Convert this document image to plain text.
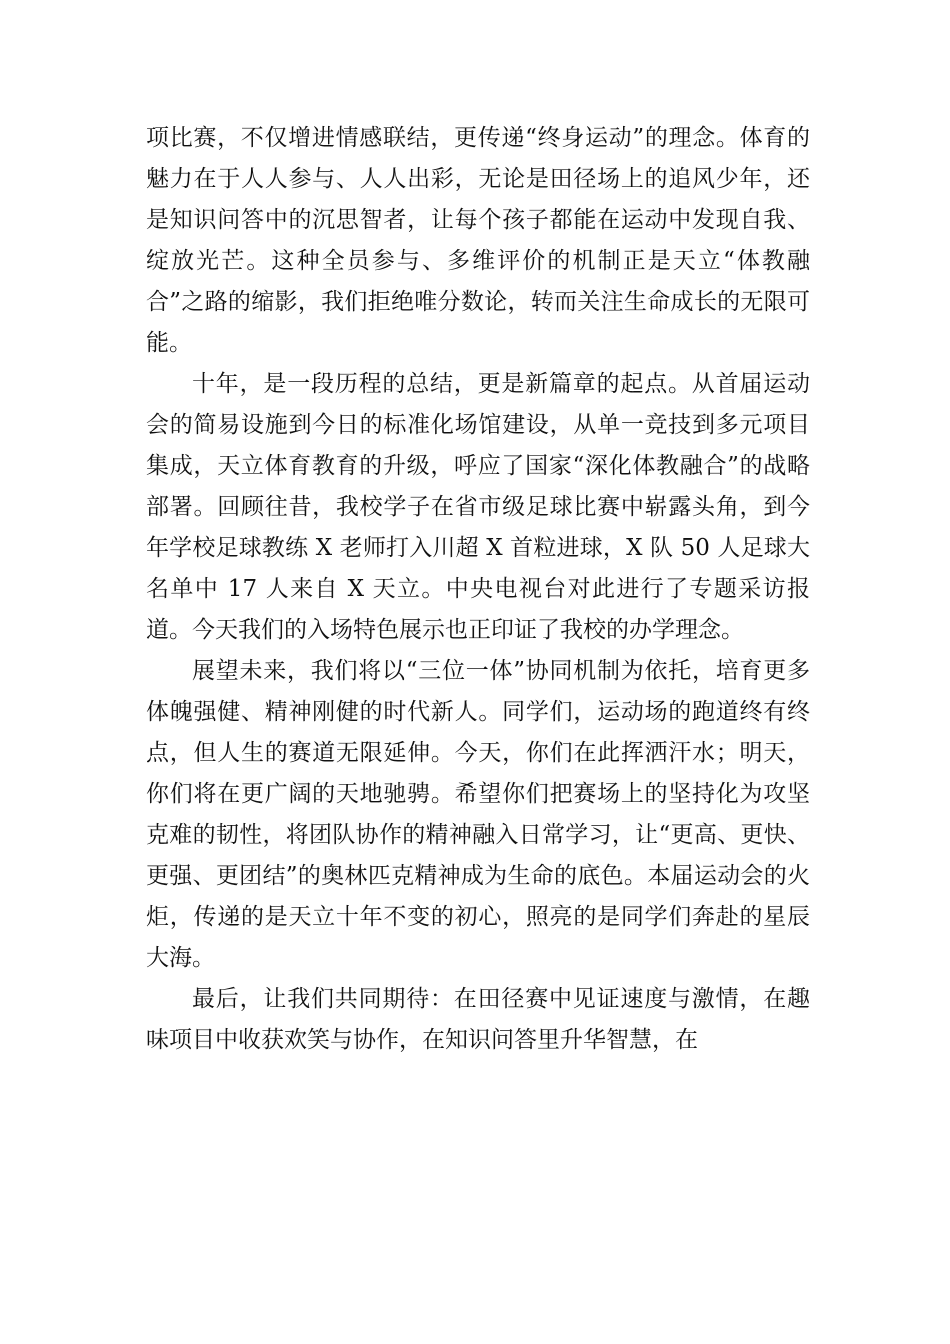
项比赛，不仅增进情感联结，更传递“终身运动”的理念。体育的魅力在于人人参与、人人出彩，无论是田径场上的追风少年，还是知识问答中的沉思智者，让每个孩子都能在运动中发现自我、绽放光芒。这种全员参与、多维评价的机制正是天立“体教融合”之路的缩影，我们拒绝唯分数论，转而关注生命成长的无限可能。

十年，是一段历程的总结，更是新篇章的起点。从首届运动会的简易设施到今日的标准化场馆建设，从单一竞技到多元项目集成，天立体育教育的升级，呼应了国家“深化体教融合”的战略部署。回顾往昔，我校学子在省市级足球比赛中崭露头角，到今年学校足球教练 X 老师打入川超 X 首粒进球，X 队 50 人足球大名单中 17 人来自 X 天立。中央电视台对此进行了专题采访报道。今天我们的入场特色展示也正印证了我校的办学理念。

展望未来，我们将以“三位一体”协同机制为依托，培育更多体魄强健、精神刚健的时代新人。同学们，运动场的跑道终有终点，但人生的赛道无限延伸。今天，你们在此挥洒汗水；明天，你们将在更广阔的天地驰骋。希望你们把赛场上的坚持化为攻坚克难的韧性，将团队协作的精神融入日常学习，让“更高、更快、更强、更团结”的奥林匹克精神成为生命的底色。本届运动会的火炬，传递的是天立十年不变的初心，照亮的是同学们奔赴的星辰大海。

最后，让我们共同期待：在田径赛中见证速度与激情，在趣味项目中收获欢笑与协作，在知识问答里升华智慧，在
